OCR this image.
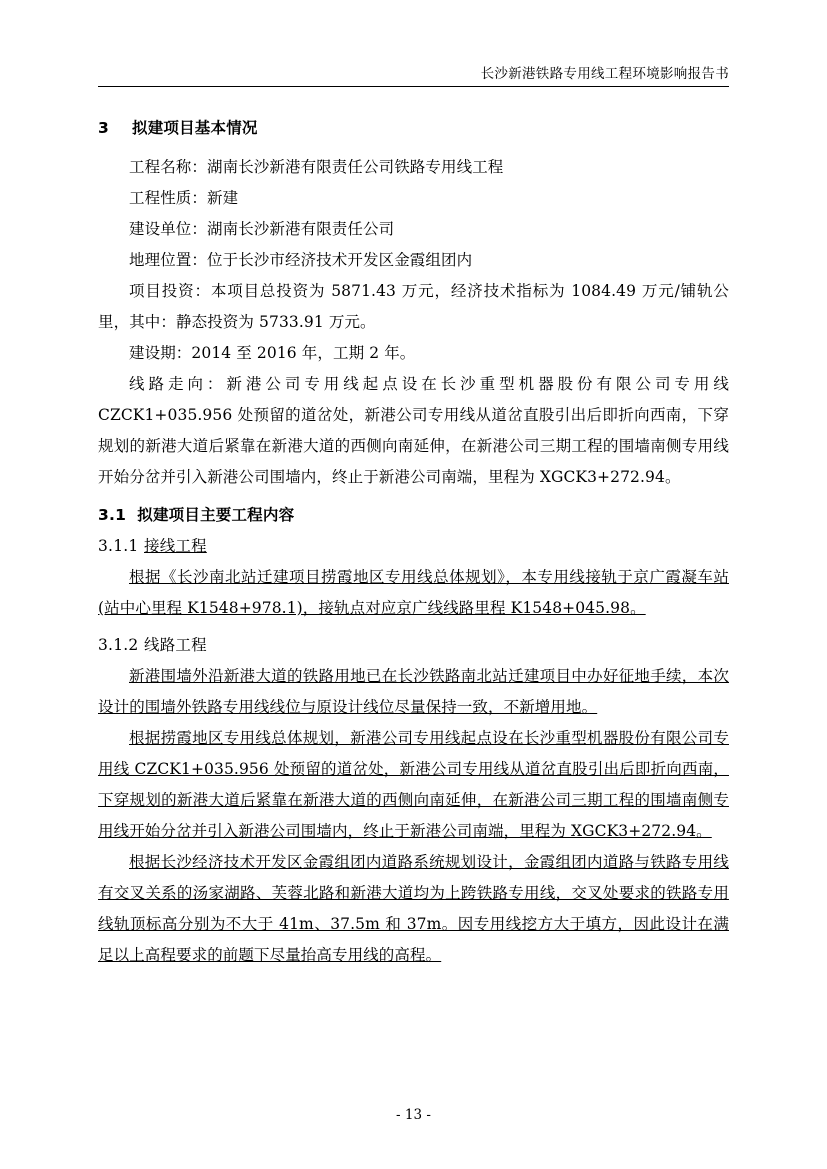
长沙新港铁路专用线工程环境影响报告书
3 拟建项目基本情况

工程名称：湖南长沙新港有限责任公司铁路专用线工程

工程性质：新建

建设单位：湖南长沙新港有限责任公司

地理位置：位于长沙市经济技术开发区金霞组团内

项目投资：本项目总投资为 5871.43 万元，经济技术指标为 1084.49 万元/铺轨公里，其中：静态投资为 5733.91 万元。

建设期：2014 至 2016 年，工期 2 年。

线路走向：新港公司专用线起点设在长沙重型机器股份有限公司专用线 CZCK1+035.956 处预留的道岔处，新港公司专用线从道岔直股引出后即折向西南，下穿规划的新港大道后紧靠在新港大道的西侧向南延伸，在新港公司三期工程的围墙南侧专用线开始分岔并引入新港公司围墙内，终止于新港公司南端，里程为 XGCK3+272.94。

3.1 拟建项目主要工程内容
3.1.1 接线工程

根据《长沙南北站迁建项目捞霞地区专用线总体规划》，本专用线接轨于京广霞凝车站(站中心里程 K1548+978.1)，接轨点对应京广线线路里程 K1548+045.98。

3.1.2 线路工程

新港围墙外沿新港大道的铁路用地已在长沙铁路南北站迁建项目中办好征地手续，本次设计的围墙外铁路专用线线位与原设计线位尽量保持一致，不新增用地。

根据捞霞地区专用线总体规划，新港公司专用线起点设在长沙重型机器股份有限公司专用线 CZCK1+035.956 处预留的道岔处，新港公司专用线从道岔直股引出后即折向西南，下穿规划的新港大道后紧靠在新港大道的西侧向南延伸，在新港公司三期工程的围墙南侧专用线开始分岔并引入新港公司围墙内，终止于新港公司南端，里程为 XGCK3+272.94。

根据长沙经济技术开发区金霞组团内道路系统规划设计，金霞组团内道路与铁路专用线有交叉关系的汤家湖路、芙蓉北路和新港大道均为上跨铁路专用线，交叉处要求的铁路专用线轨顶标高分别为不大于 41m、37.5m 和 37m。因专用线挖方大于填方，因此设计在满足以上高程要求的前题下尽量抬高专用线的高程。

- 13 -
